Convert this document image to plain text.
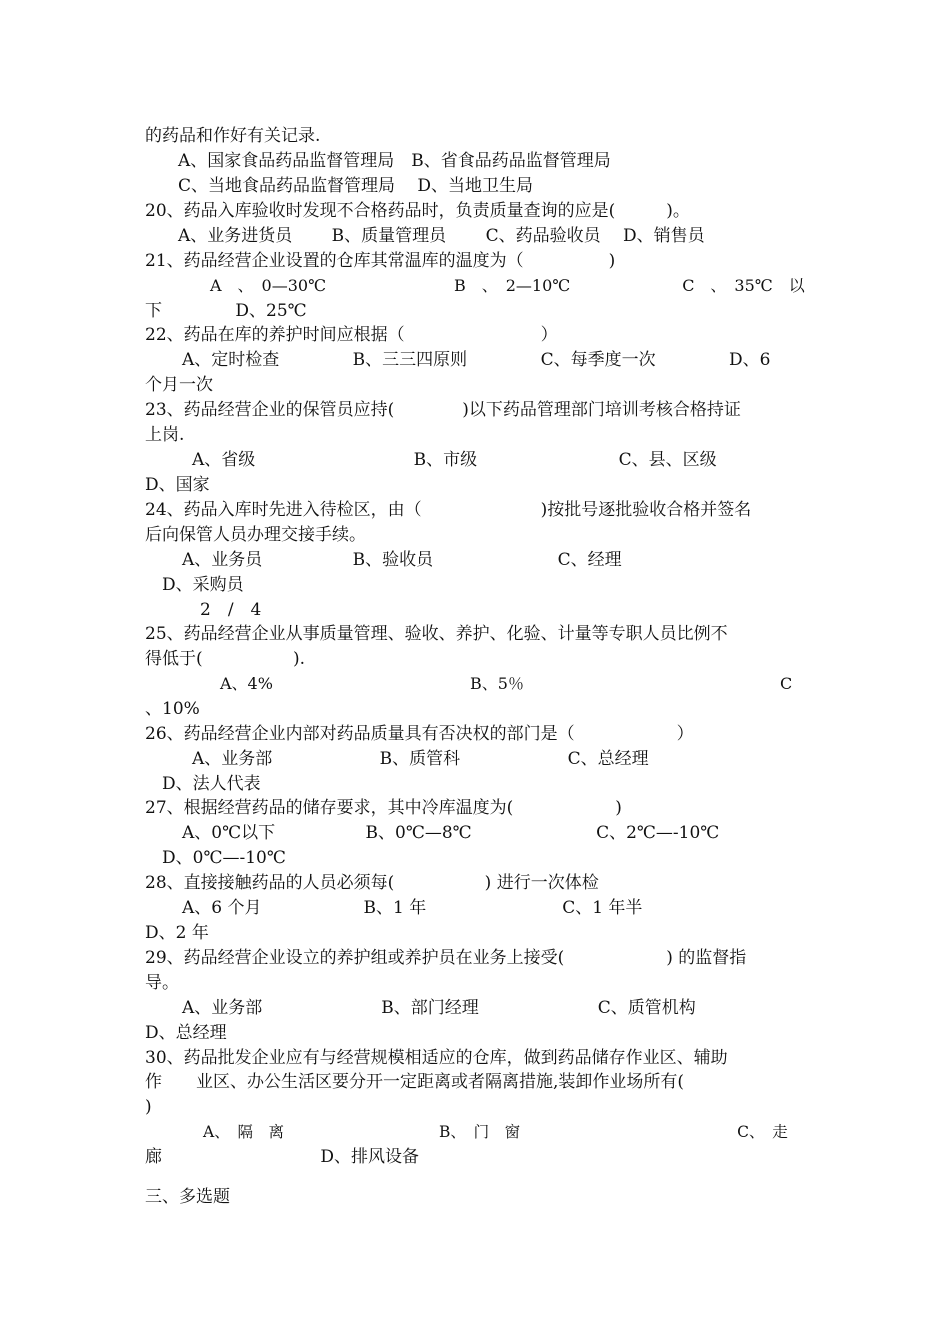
的药品和作好有关记录.
A、国家食品药品监督管理局　B、省食品药品监督管理局
C、当地食品药品监督管理局　 D、当地卫生局
20、药品入库验收时发现不合格药品时，负责质量查询的应是(　　　)。
A、业务进货员　　 B、质量管理员　　 C、药品验收员　 D、销售员
21、药品经营企业设置的仓库其常温库的温度为（　　　　　)
A　、　0—30℃　　　　　　　　B　、　2—10℃　　　　　　　C　、　35℃　以
下　　　　 D、25℃
22、药品在库的养护时间应根据（　　　　　　　　）
A、定时检查　　　　 B、三三四原则　　　　 C、每季度一次　　　　 D、6
个月一次
23、药品经营企业的保管员应持(　　　　)以下药品管理部门培训考核合格持证
上岗.
A、省级　　　　　　　　　 B、市级　　　　　　　　 C、县、区级
D、国家
24、药品入库时先进入待检区，由（　　　　　　　)按批号逐批验收合格并签名
后向保管人员办理交接手续。
A、业务员　　　　　 B、验收员　　　　　　　 C、经理
D、采购员
2　/　4
25、药品经营企业从事质量管理、验收、养护、化验、计量等专职人员比例不
得低于(　　　　　 ).
A、4%　　　　　　　　　　　　 B、5％　　　　　　　　　　　　　　　　C
、10%
26、药品经营企业内部对药品质量具有否决权的部门是（　　　　　　）
A、业务部　　　　　　 B、质管科　　　　　　 C、总经理
D、法人代表
27、根据经营药品的储存要求，其中冷库温度为(　　　　　　)
A、0℃以下　　　　　 B、0℃—8℃　　　　　　　 C、2℃—-10℃
D、0℃—-10℃
28、直接接触药品的人员必须每(　　　　　 ) 进行一次体检
A、6 个月　　　　　　B、1 年　　　　　　　　C、1 年半
D、2 年
29、药品经营企业设立的养护组或养护员在业务上接受(　　　　　　) 的监督指
导。
A、业务部　　　　　　　B、部门经理　　　　　　　C、质管机构
D、总经理
30、药品批发企业应有与经营规模相适应的仓库，做到药品储存作业区、辅助
作　　业区、办公生活区要分开一定距离或者隔离措施,装卸作业场所有(
)
A、　隔　离　　　　　　　　　　B、　门　窗　　　　　　　　　　　　　　C、　走
廊　　　　　　　　　 D、排风设备
三、多选题
